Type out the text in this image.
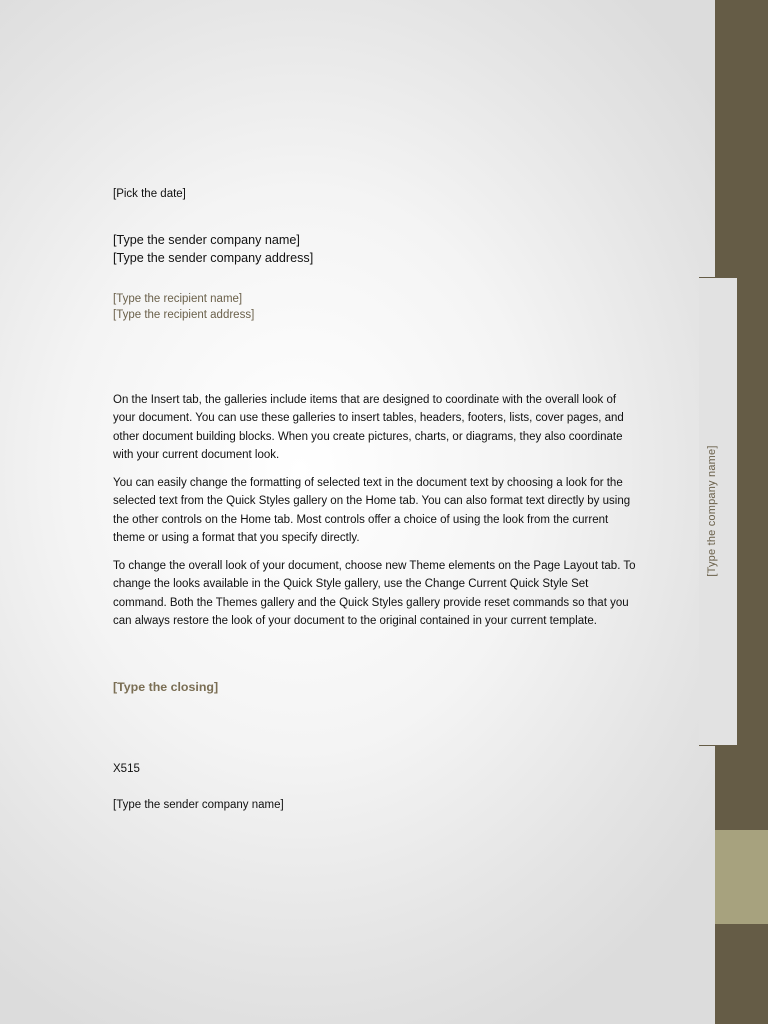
[Type the company name]
[Pick the date]
[Type the sender company name]
[Type the sender company address]
[Type the recipient name]
[Type the recipient address]

On the Insert tab, the galleries include items that are designed to coordinate with the overall look of your document. You can use these galleries to insert tables, headers, footers, lists, cover pages, and other document building blocks. When you create pictures, charts, or diagrams, they also coordinate with your current document look.

You can easily change the formatting of selected text in the document text by choosing a look for the selected text from the Quick Styles gallery on the Home tab. You can also format text directly by using the other controls on the Home tab. Most controls offer a choice of using the look from the current theme or using a format that you specify directly.

To change the overall look of your document, choose new Theme elements on the Page Layout tab. To change the looks available in the Quick Style gallery, use the Change Current Quick Style Set command. Both the Themes gallery and the Quick Styles gallery provide reset commands so that you can always restore the look of your document to the original contained in your current template.

[Type the closing]
X515
[Type the sender company name]
